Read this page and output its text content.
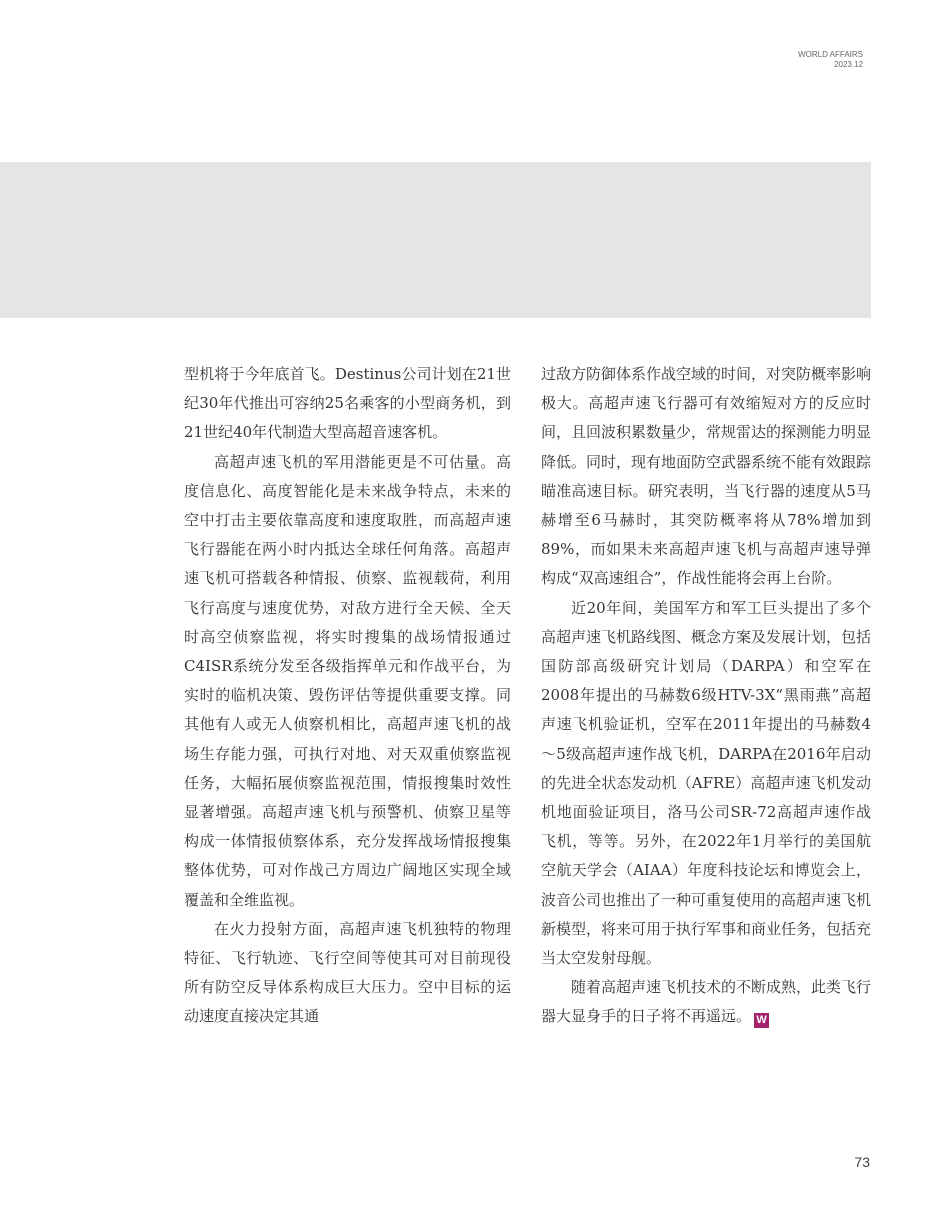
WORLD AFFAIRS
2023.12

型机将于今年底首飞。Destinus公司计划在21世纪30年代推出可容纳25名乘客的小型商务机，到21世纪40年代制造大型高超音速客机。

高超声速飞机的军用潜能更是不可估量。高度信息化、高度智能化是未来战争特点，未来的空中打击主要依靠高度和速度取胜，而高超声速飞行器能在两小时内抵达全球任何角落。高超声速飞机可搭载各种情报、侦察、监视载荷，利用飞行高度与速度优势，对敌方进行全天候、全天时高空侦察监视，将实时搜集的战场情报通过C4ISR系统分发至各级指挥单元和作战平台，为实时的临机决策、毁伤评估等提供重要支撑。同其他有人或无人侦察机相比，高超声速飞机的战场生存能力强，可执行对地、对天双重侦察监视任务，大幅拓展侦察监视范围，情报搜集时效性显著增强。高超声速飞机与预警机、侦察卫星等构成一体情报侦察体系，充分发挥战场情报搜集整体优势，可对作战己方周边广阔地区实现全域覆盖和全维监视。

在火力投射方面，高超声速飞机独特的物理特征、飞行轨迹、飞行空间等使其可对目前现役所有防空反导体系构成巨大压力。空中目标的运动速度直接决定其通

过敌方防御体系作战空域的时间，对突防概率影响极大。高超声速飞行器可有效缩短对方的反应时间，且回波积累数量少，常规雷达的探测能力明显降低。同时，现有地面防空武器系统不能有效跟踪瞄准高速目标。研究表明，当飞行器的速度从5马赫增至6马赫时，其突防概率将从78%增加到89%，而如果未来高超声速飞机与高超声速导弹构成“双高速组合”，作战性能将会再上台阶。

近20年间，美国军方和军工巨头提出了多个高超声速飞机路线图、概念方案及发展计划，包括国防部高级研究计划局（DARPA）和空军在2008年提出的马赫数6级HTV-3X“黑雨燕”高超声速飞机验证机，空军在2011年提出的马赫数4～5级高超声速作战飞机，DARPA在2016年启动的先进全状态发动机（AFRE）高超声速飞机发动机地面验证项目，洛马公司SR-72高超声速作战飞机，等等。另外，在2022年1月举行的美国航空航天学会（AIAA）年度科技论坛和博览会上，波音公司也推出了一种可重复使用的高超声速飞机新模型，将来可用于执行军事和商业任务，包括充当太空发射母舰。

随着高超声速飞机技术的不断成熟，此类飞行器大显身手的日子将不再遥远。 W

73
